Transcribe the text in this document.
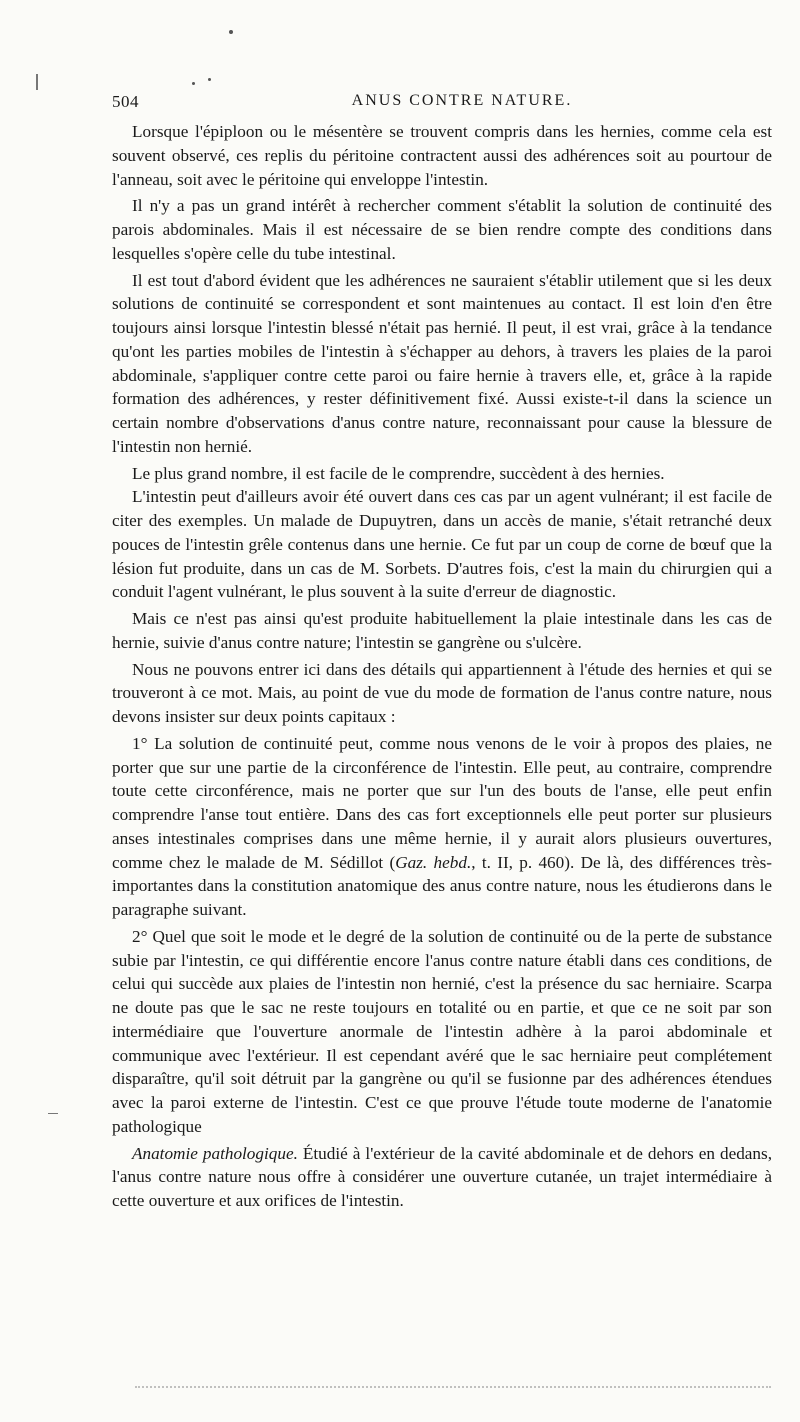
504	ANUS CONTRE NATURE.

Lorsque l'épiploon ou le mésentère se trouvent compris dans les hernies, comme cela est souvent observé, ces replis du péritoine contractent aussi des adhérences soit au pourtour de l'anneau, soit avec le péritoine qui enveloppe l'intestin.

Il n'y a pas un grand intérêt à rechercher comment s'établit la solution de continuité des parois abdominales. Mais il est nécessaire de se bien rendre compte des conditions dans lesquelles s'opère celle du tube intestinal.

Il est tout d'abord évident que les adhérences ne sauraient s'établir utilement que si les deux solutions de continuité se correspondent et sont maintenues au contact. Il est loin d'en être toujours ainsi lorsque l'intestin blessé n'était pas hernié. Il peut, il est vrai, grâce à la tendance qu'ont les parties mobiles de l'intestin à s'échapper au dehors, à travers les plaies de la paroi abdominale, s'appliquer contre cette paroi ou faire hernie à travers elle, et, grâce à la rapide formation des adhérences, y rester définitivement fixé. Aussi existe-t-il dans la science un certain nombre d'observations d'anus contre nature, reconnaissant pour cause la blessure de l'intestin non hernié.

Le plus grand nombre, il est facile de le comprendre, succèdent à des hernies.

L'intestin peut d'ailleurs avoir été ouvert dans ces cas par un agent vulnérant; il est facile de citer des exemples. Un malade de Dupuytren, dans un accès de manie, s'était retranché deux pouces de l'intestin grêle contenus dans une hernie. Ce fut par un coup de corne de bœuf que la lésion fut produite, dans un cas de M. Sorbets. D'autres fois, c'est la main du chirurgien qui a conduit l'agent vulnérant, le plus souvent à la suite d'erreur de diagnostic.

Mais ce n'est pas ainsi qu'est produite habituellement la plaie intestinale dans les cas de hernie, suivie d'anus contre nature; l'intestin se gangrène ou s'ulcère.

Nous ne pouvons entrer ici dans des détails qui appartiennent à l'étude des hernies et qui se trouveront à ce mot. Mais, au point de vue du mode de formation de l'anus contre nature, nous devons insister sur deux points capitaux :

1° La solution de continuité peut, comme nous venons de le voir à propos des plaies, ne porter que sur une partie de la circonférence de l'intestin. Elle peut, au contraire, comprendre toute cette circonférence, mais ne porter que sur l'un des bouts de l'anse, elle peut enfin comprendre l'anse tout entière. Dans des cas fort exceptionnels elle peut porter sur plusieurs anses intestinales comprises dans une même hernie, il y aurait alors plusieurs ouvertures, comme chez le malade de M. Sédillot (Gaz. hebd., t. II, p. 460). De là, des différences très-importantes dans la constitution anatomique des anus contre nature, nous les étudierons dans le paragraphe suivant.

2° Quel que soit le mode et le degré de la solution de continuité ou de la perte de substance subie par l'intestin, ce qui différentie encore l'anus contre nature établi dans ces conditions, de celui qui succède aux plaies de l'intestin non hernié, c'est la présence du sac herniaire. Scarpa ne doute pas que le sac ne reste toujours en totalité ou en partie, et que ce ne soit par son intermédiaire que l'ouverture anormale de l'intestin adhère à la paroi abdominale et communique avec l'extérieur. Il est cependant avéré que le sac herniaire peut complétement disparaître, qu'il soit détruit par la gangrène ou qu'il se fusionne par des adhérences étendues avec la paroi externe de l'intestin. C'est ce que prouve l'étude toute moderne de l'anatomie pathologique

Anatomie pathologique. Étudié à l'extérieur de la cavité abdominale et de dehors en dedans, l'anus contre nature nous offre à considérer une ouverture cutanée, un trajet intermédiaire à cette ouverture et aux orifices de l'intestin.
